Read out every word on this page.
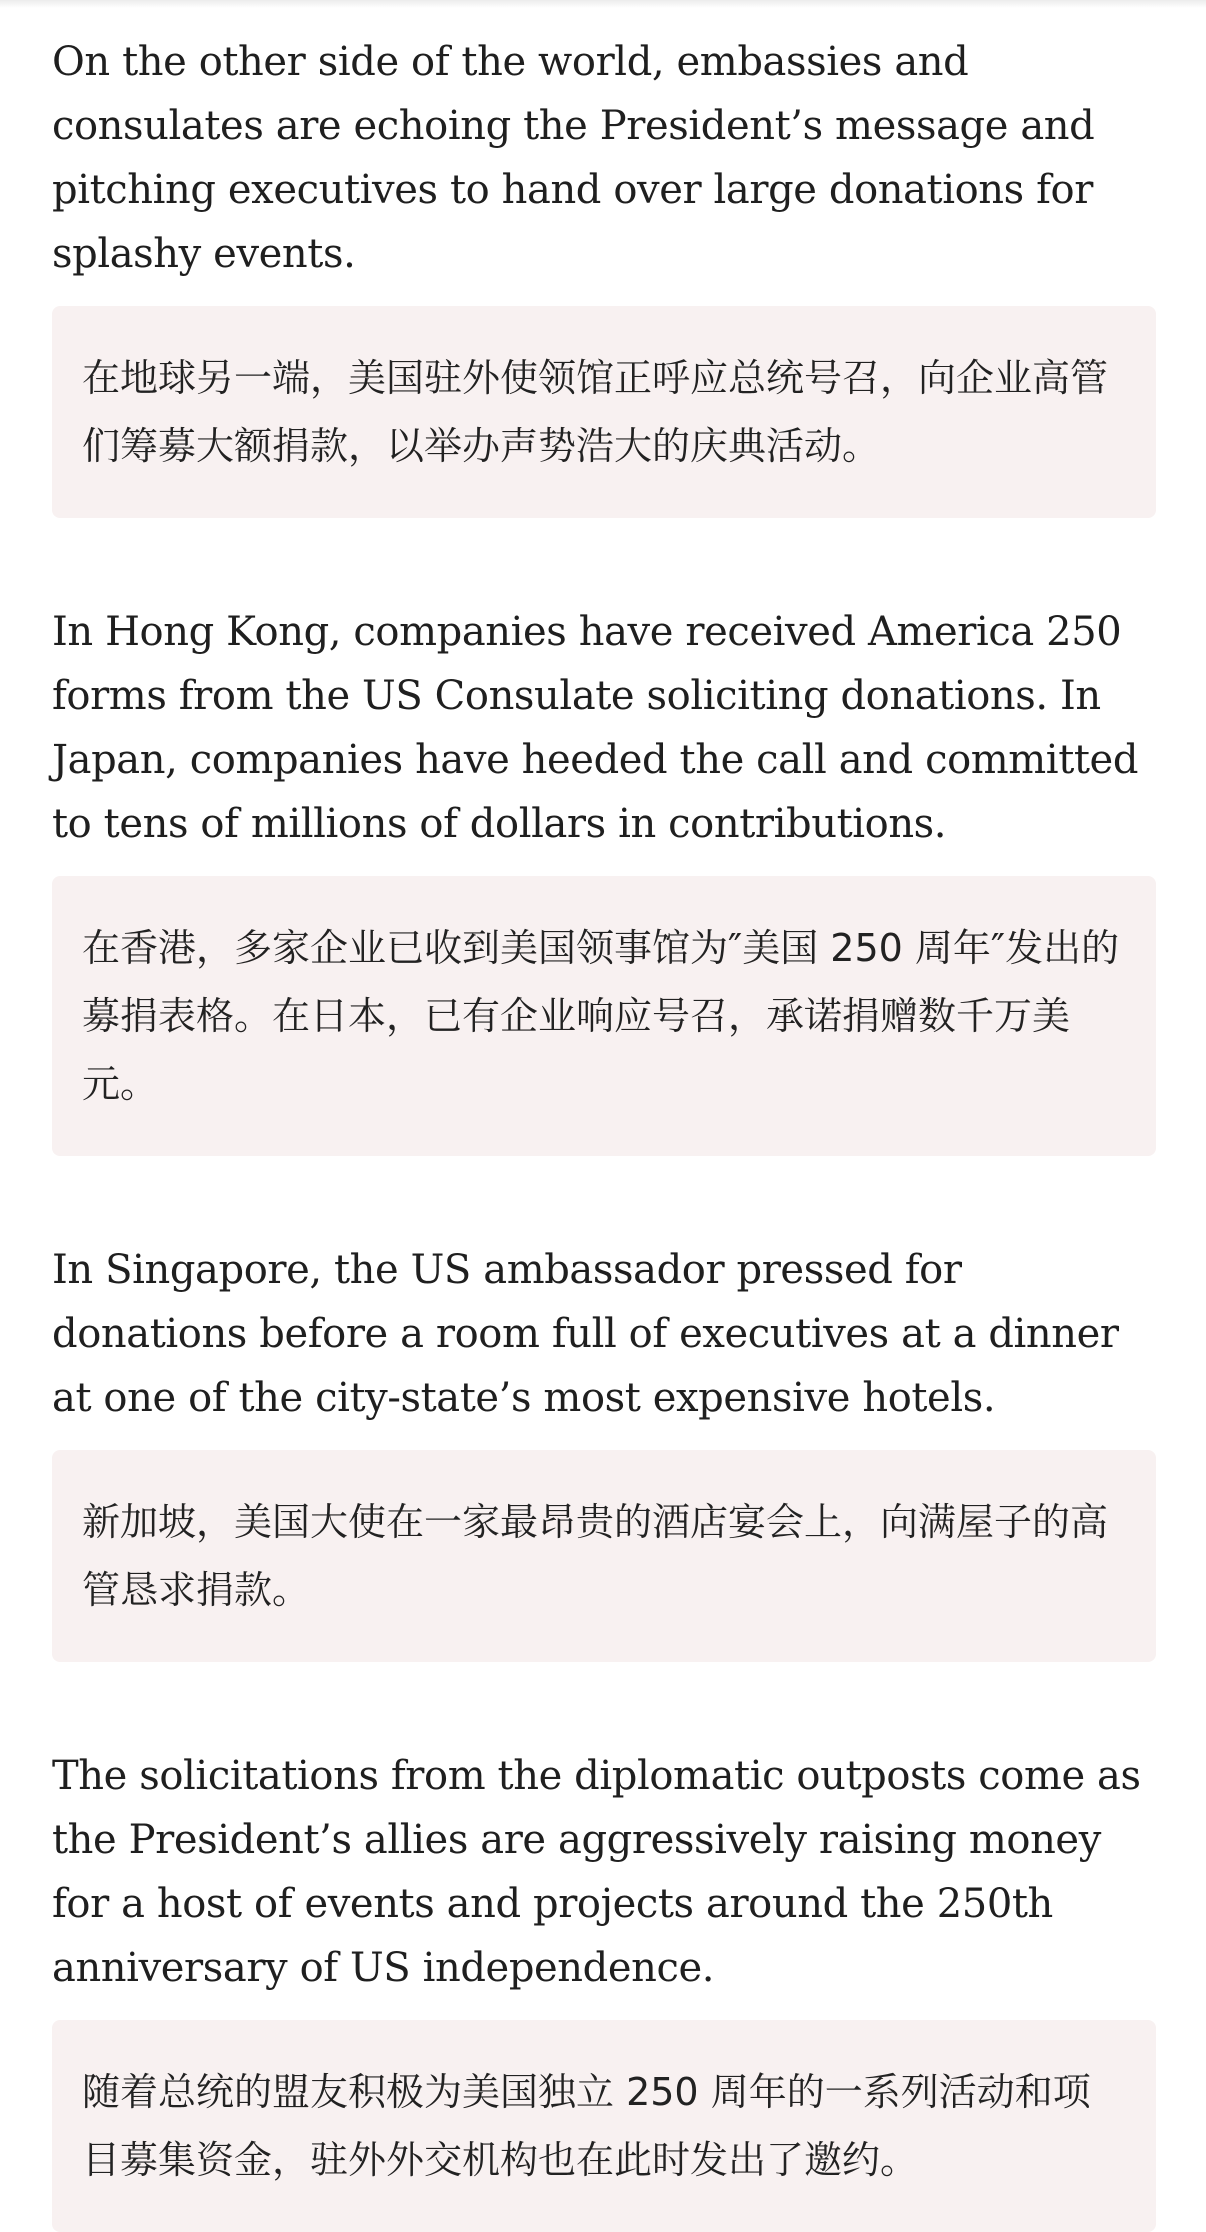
On the other side of the world, embassies and consulates are echoing the President’s message and pitching executives to hand over large donations for splashy events.

在地球另一端，美国驻外使领馆正呼应总统号召，向企业高管们筹募大额捐款，以举办声势浩大的庆典活动。

In Hong Kong, companies have received America 250 forms from the US Consulate soliciting donations. In Japan, companies have heeded the call and committed to tens of millions of dollars in contributions.

在香港，多家企业已收到美国领事馆为″美国 250 周年″发出的募捐表格。在日本，已有企业响应号召，承诺捐赠数千万美元。

In Singapore, the US ambassador pressed for donations before a room full of executives at a dinner at one of the city-state’s most expensive hotels.

新加坡，美国大使在一家最昂贵的酒店宴会上，向满屋子的高管恳求捐款。

The solicitations from the diplomatic outposts come as the President’s allies are aggressively raising money for a host of events and projects around the 250th anniversary of US independence.

随着总统的盟友积极为美国独立 250 周年的一系列活动和项目募集资金，驻外外交机构也在此时发出了邀约。
